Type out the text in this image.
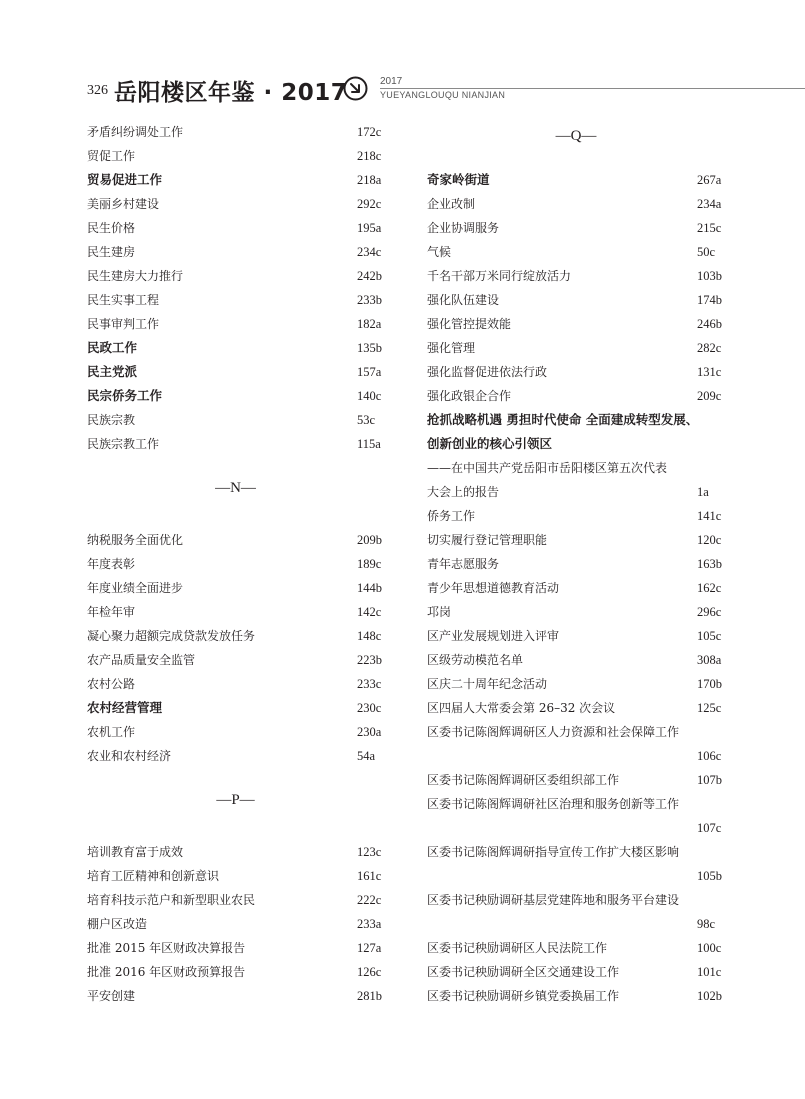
326 岳阳楼区年鉴 · 2017	2017
YUEYANGLOUQU NIANJIAN
矛盾纠纷调处工作	172c
贸促工作	218c
贸易促进工作	218a
美丽乡村建设	292c
民生价格	195a
民生建房	234c
民生建房大力推行	242b
民生实事工程	233b
民事审判工作	182a
民政工作	135b
民主党派	157a
民宗侨务工作	140c
民族宗教	53c
民族宗教工作	115a
—N—
纳税服务全面优化	209b
年度表彰	189c
年度业绩全面进步	144b
年检年审	142c
凝心聚力超额完成贷款发放任务	148c
农产品质量安全监管	223b
农村公路	233c
农村经营管理	230c
农机工作	230a
农业和农村经济	54a
—P—
培训教育富于成效	123c
培育工匠精神和创新意识	161c
培育科技示范户和新型职业农民	222c
棚户区改造	233a
批准 2015 年区财政决算报告	127a
批准 2016 年区财政预算报告	126c
平安创建	281b
—Q—
奇家岭街道	267a
企业改制	234a
企业协调服务	215c
气候	50c
千名干部万米同行绽放活力	103b
强化队伍建设	174b
强化管控提效能	246b
强化管理	282c
强化监督促进依法行政	131c
强化政银企合作	209c
抢抓战略机遇 勇担时代使命 全面建成转型发展、
创新创业的核心引领区
——在中国共产党岳阳市岳阳楼区第五次代表
大会上的报告	1a
侨务工作	141c
切实履行登记管理职能	120c
青年志愿服务	163b
青少年思想道德教育活动	162c
邛岗	296c
区产业发展规划进入评审	105c
区级劳动模范名单	308a
区庆二十周年纪念活动	170b
区四届人大常委会第 26–32 次会议	125c
区委书记陈阁辉调研区人力资源和社会保障工作
106c
区委书记陈阁辉调研区委组织部工作	107b
区委书记陈阁辉调研社区治理和服务创新等工作
107c
区委书记陈阁辉调研指导宣传工作扩大楼区影响
105b
区委书记秧励调研基层党建阵地和服务平台建设
98c
区委书记秧励调研区人民法院工作	100c
区委书记秧励调研全区交通建设工作	101c
区委书记秧励调研乡镇党委换届工作	102b
